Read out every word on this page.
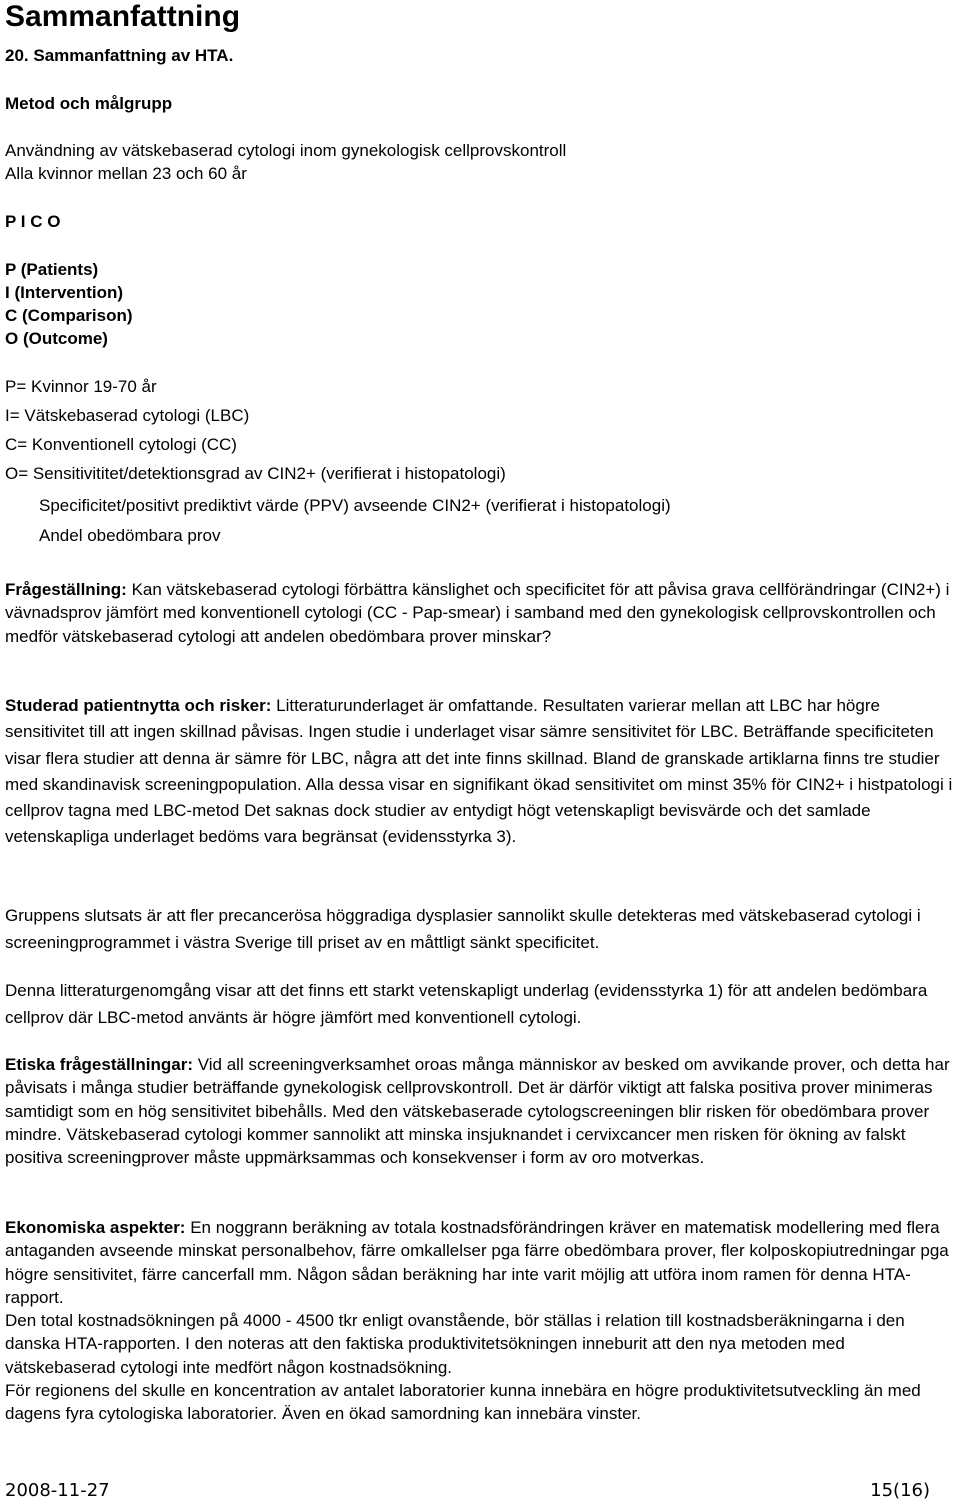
Sammanfattning
20. Sammanfattning av HTA.
Metod och målgrupp
Användning av vätskebaserad cytologi inom gynekologisk cellprovskontroll
Alla kvinnor mellan 23 och 60 år
P I C O
P (Patients)
I (Intervention)
C (Comparison)
O (Outcome)
P= Kvinnor 19-70 år
I= Vätskebaserad cytologi (LBC)
C= Konventionell cytologi (CC)
O= Sensitivititet/detektionsgrad av CIN2+ (verifierat i histopatologi)
Specificitet/positivt prediktivt värde (PPV) avseende CIN2+ (verifierat i histopatologi)
Andel obedömbara prov
Frågeställning: Kan vätskebaserad cytologi förbättra känslighet och specificitet för att påvisa grava cellförändringar (CIN2+) i vävnadsprov jämfört med konventionell cytologi (CC - Pap-smear) i samband med den gynekologisk cellprovskontrollen och medför vätskebaserad cytologi att andelen obedömbara prover minskar?
Studerad patientnytta och risker: Litteraturunderlaget är omfattande. Resultaten varierar mellan att LBC har högre sensitivitet till att ingen skillnad påvisas. Ingen studie i underlaget visar sämre sensitivitet för LBC. Beträffande specificiteten visar flera studier att denna är sämre för LBC, några att det inte finns skillnad. Bland de granskade artiklarna finns tre studier med skandinavisk screeningpopulation. Alla dessa visar en signifikant ökad sensitivitet om minst 35% för CIN2+ i histpatologi i cellprov tagna med LBC-metod Det saknas dock studier av entydigt högt vetenskapligt bevisvärde och det samlade vetenskapliga underlaget bedöms vara begränsat (evidensstyrka 3).
Gruppens slutsats är att fler precancerösa höggradiga dysplasier sannolikt skulle detekteras med vätskebaserad cytologi i screeningprogrammet i västra Sverige till priset av en måttligt sänkt specificitet.
Denna litteraturgenomgång visar att det finns ett starkt vetenskapligt underlag (evidensstyrka 1) för att andelen bedömbara cellprov där LBC-metod använts är högre jämfört med konventionell cytologi.
Etiska frågeställningar: Vid all screeningverksamhet oroas många människor av besked om avvikande prover, och detta har påvisats i många studier beträffande gynekologisk cellprovskontroll. Det är därför viktigt att falska positiva prover minimeras samtidigt som en hög sensitivitet bibehålls. Med den vätskebaserade cytologscreeningen blir risken för obedömbara prover mindre. Vätskebaserad cytologi kommer sannolikt att minska insjuknandet i cervixcancer men risken för ökning av falskt positiva screeningprover måste uppmärksammas och konsekvenser i form av oro motverkas.
Ekonomiska aspekter: En noggrann beräkning av totala kostnadsförändringen kräver en matematisk modellering med flera antaganden avseende minskat personalbehov, färre omkallelser pga färre obedömbara prover, fler kolposkopiutredningar pga högre sensitivitet, färre cancerfall mm. Någon sådan beräkning har inte varit möjlig att utföra inom ramen för denna HTA-rapport.
Den total kostnadsökningen på 4000 - 4500 tkr enligt ovanstående, bör ställas i relation till kostnadsberäkningarna i den danska HTA-rapporten. I den noteras att den faktiska produktivitetsökningen inneburit att den nya metoden med vätskebaserad cytologi inte medfört någon kostnadsökning.
För regionens del skulle en koncentration av antalet laboratorier kunna innebära en högre produktivitetsutveckling än med dagens fyra cytologiska laboratorier. Även en ökad samordning kan innebära vinster.
2008-11-27	15(16)
